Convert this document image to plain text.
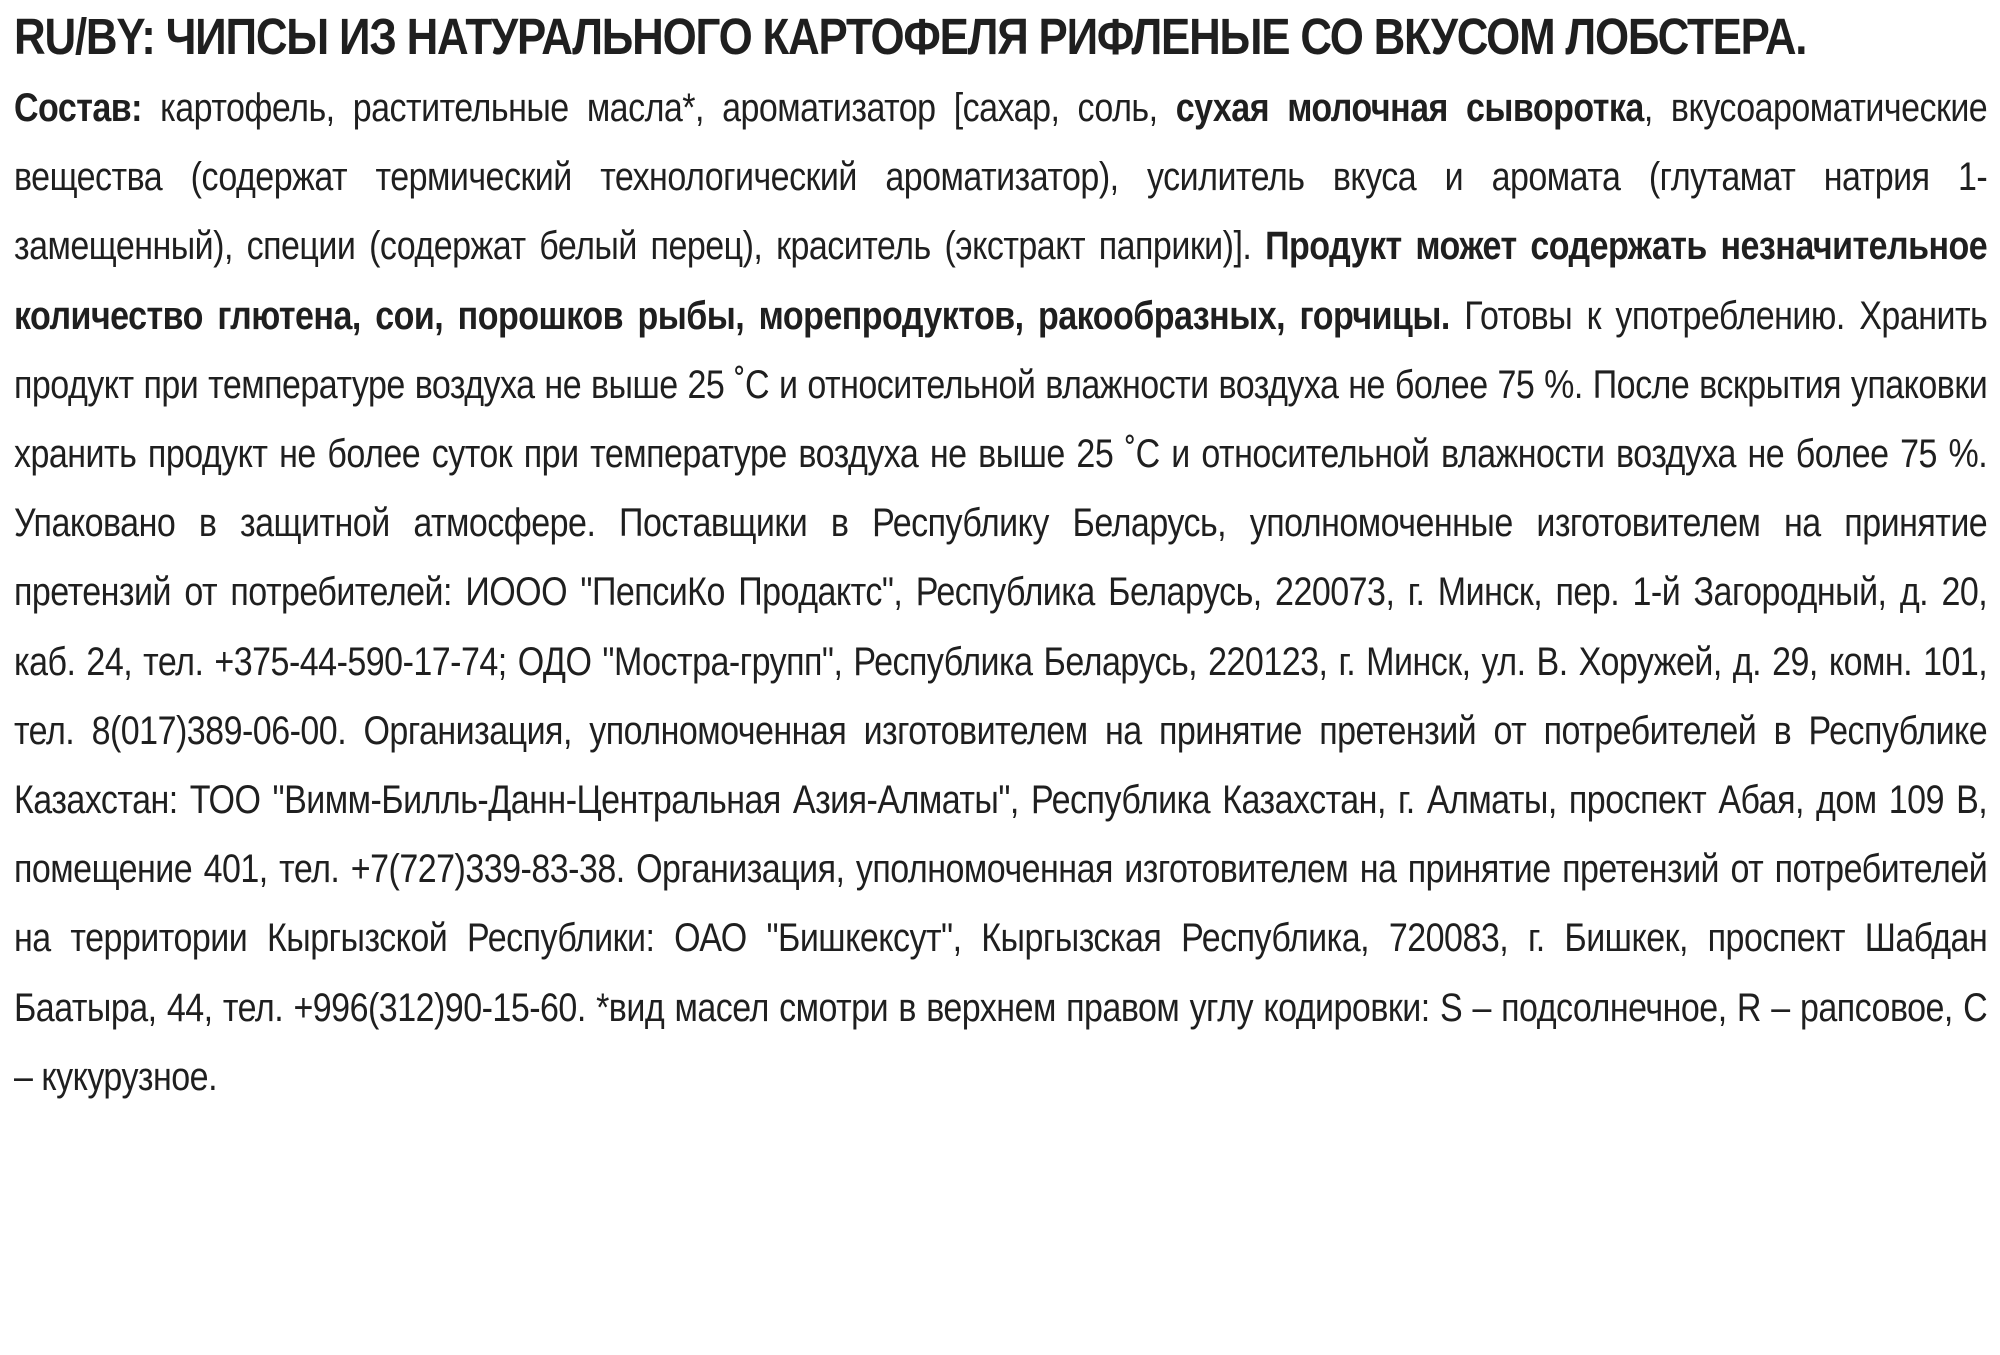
RU/BY: ЧИПСЫ ИЗ НАТУРАЛЬНОГО КАРТОФЕЛЯ РИФЛЕНЫЕ СО ВКУСОМ ЛОБСТЕРА.

Состав: картофель, растительные масла*, ароматизатор [сахар, соль, сухая молочная сыворотка, вкусоароматические вещества (содержат термический технологический ароматизатор), усилитель вкуса и аромата (глутамат натрия 1-замещенный), специи (содержат белый перец), краситель (экстракт паприки)]. Продукт может содержать незначительное количество глютена, сои, порошков рыбы, морепродуктов, ракообразных, горчицы. Готовы к употреблению. Хранить продукт при температуре воздуха не выше 25 ˚С и относительной влажности воздуха не более 75 %. После вскрытия упаковки хранить продукт не более суток при температуре воздуха не выше 25 ˚С и относительной влажности воздуха не более 75 %. Упаковано в защитной атмосфере. Поставщики в Республику Беларусь, уполномоченные изготовителем на принятие претензий от потребителей: ИООО "ПепсиКо Продактс", Республика Беларусь, 220073, г. Минск, пер. 1-й Загородный, д. 20, каб. 24, тел. +375-44-590-17-74; ОДО "Мостра-групп", Республика Беларусь, 220123, г. Минск, ул. В. Хоружей, д. 29, комн. 101, тел. 8(017)389-06-00. Организация, уполномоченная изготовителем на принятие претензий от потребителей в Республике Казахстан: ТОО "Вимм-Билль-Данн-Центральная Азия-Алматы", Республика Казахстан, г. Алматы, проспект Абая, дом 109 В, помещение 401, тел. +7(727)339-83-38. Организация, уполномоченная изготовителем на принятие претензий от потребителей на территории Кыргызской Республики: ОАО "Бишкексут", Кыргызская Республика, 720083, г. Бишкек, проспект Шабдан Баатыра, 44, тел. +996(312)90-15-60. *вид масел смотри в верхнем правом углу кодировки: S – подсолнечное, R – рапсовое, C – кукурузное.
